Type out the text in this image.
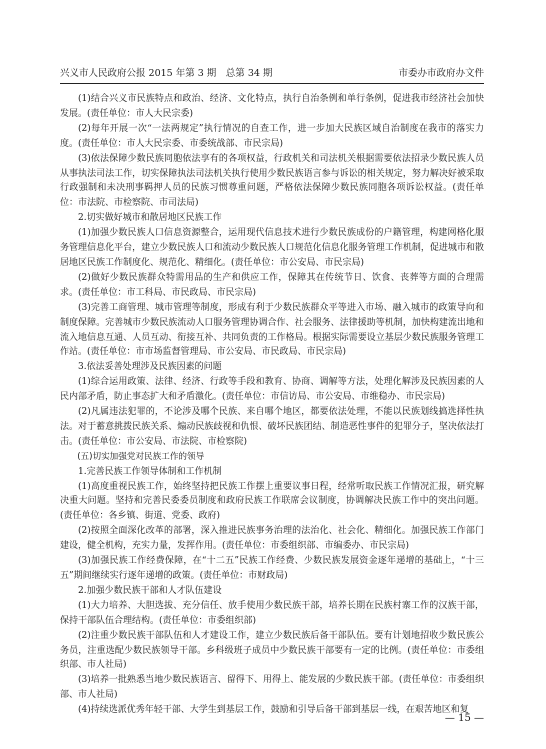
兴义市人民政府公报 2015 年第 3 期　总第 34 期	市委办市政府办文件

(1)结合兴义市民族特点和政治、经济、文化特点，执行自治条例和单行条例，促进我市经济社会加快发展。(责任单位：市人大民宗委)

(2)每年开展一次“一法两规定”执行情况的自查工作，进一步加大民族区域自治制度在我市的落实力度。(责任单位：市人大民宗委、市委统战部、市民宗局)

(3)依法保障少数民族同胞依法享有的各项权益，行政机关和司法机关根据需要依法招录少数民族人员从事执法司法工作，切实保障执法司法机关执行使用少数民族语言参与诉讼的相关规定，努力解决好被采取行政强制和未决刑事羁押人员的民族习惯尊重问题，严格依法保障少数民族同胞各项诉讼权益。(责任单位：市法院、市检察院、市司法局)

2.切实做好城市和散居地区民族工作

(1)加强少数民族人口信息资源整合，运用现代信息技术进行少数民族成份的户籍管理，构建网格化服务管理信息化平台，建立少数民族人口和流动少数民族人口规范化信息化服务管理工作机制，促进城市和散居地区民族工作制度化、规范化、精细化。(责任单位：市公安局、市民宗局)

(2)做好少数民族群众特需用品的生产和供应工作，保障其在传统节日、饮食、丧葬等方面的合理需求。(责任单位：市工科局、市民政局、市民宗局)

(3)完善工商管理、城市管理等制度，形成有利于少数民族群众平等进入市场、融入城市的政策导向和制度保障。完善城市少数民族流动人口服务管理协调合作、社会服务、法律援助等机制，加快构建流出地和流入地信息互通、人员互动、衔接互补、共同负责的工作格局。根据实际需要设立基层少数民族服务管理工作站。(责任单位：市市场监督管理局、市公安局、市民政局、市民宗局)

3.依法妥善处理涉及民族因素的问题

(1)综合运用政策、法律、经济、行政等手段和教育、协商、调解等方法，处理化解涉及民族因素的人民内部矛盾，防止事态扩大和矛盾激化。(责任单位：市信访局、市公安局、市维稳办、市民宗局)

(2)凡属违法犯罪的，不论涉及哪个民族、来自哪个地区，都要依法处理，不能以民族划线搞选择性执法。对于蓄意挑拨民族关系、煽动民族歧视和仇恨、破坏民族团结、制造恶性事件的犯罪分子，坚决依法打击。(责任单位：市公安局、市法院、市检察院)

(五)切实加强党对民族工作的领导

1.完善民族工作领导体制和工作机制

(1)高度重视民族工作，始终坚持把民族工作摆上重要议事日程，经常听取民族工作情况汇报，研究解决重大问题。坚持和完善民委委员制度和政府民族工作联席会议制度，协调解决民族工作中的突出问题。(责任单位：各乡镇、街道、党委、政府)

(2)按照全面深化改革的部署，深入推进民族事务治理的法治化、社会化、精细化。加强民族工作部门建设，健全机构，充实力量，发挥作用。(责任单位：市委组织部、市编委办、市民宗局)

(3)加强民族工作经费保障，在“十二五”民族工作经费、少数民族发展资金逐年递增的基础上，“十三五”期间继续实行逐年递增的政策。(责任单位：市财政局)

2.加强少数民族干部和人才队伍建设

(1)大力培养、大胆选拔、充分信任、放手使用少数民族干部，培养长期在民族村寨工作的汉族干部，保持干部队伍合理结构。(责任单位：市委组织部)

(2)注重少数民族干部队伍和人才建设工作，建立少数民族后备干部队伍。要有计划地招收少数民族公务员，注重选配少数民族领导干部。乡科级班子成员中少数民族干部要有一定的比例。(责任单位：市委组织部、市人社局)

(3)培养一批熟悉当地少数民族语言、留得下、用得上、能发展的少数民族干部。(责任单位：市委组织部、市人社局)

(4)持续选派优秀年轻干部、大学生到基层工作，鼓励和引导后备干部到基层一线，在艰苦地区和复

— 15 —
